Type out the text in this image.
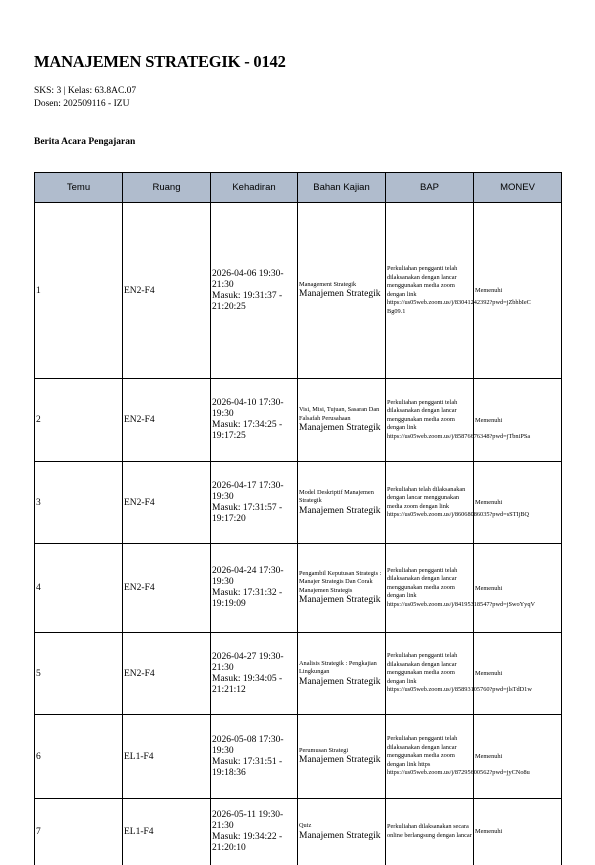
MANAJEMEN STRATEGIK - 0142
SKS: 3 | Kelas: 63.8AC.07
Dosen: 202509116 - IZU
Berita Acara Pengajaran
Temu	Ruang	Kehadiran	Bahan Kajian	BAP	MONEV

1	EN2-F4	2026-04-06 19:30-
21:30
Masuk: 19:31:37 -
21:20:25	Management Strategik
Manajemen Strategik	Perkuliahan pengganti telah dilaksanakan dengan lancar menggunakan media zoom dengan link
https://us05web.zoom.us/j/83041242392?pwd=jZbhbIeC
Bg09.1	Memenuhi

2	EN2-F4	2026-04-10 17:30-
19:30
Masuk: 17:34:25 -
19:17:25	Visi, Misi, Tujuan, Sasaran Dan Falsafah Perusahaan
Manajemen Strategik	Perkuliahan pengganti telah dilaksanakan dengan lancar menggunakan media zoom dengan link
https://us05web.zoom.us/j/85876676348?pwd=jTbniPSa	Memenuhi

3	EN2-F4	2026-04-17 17:30-
19:30
Masuk: 17:31:57 -
19:17:20	Model Deskriptif Manajemen Strategik
Manajemen Strategik	Perkuliahan telah dilaksanakan dengan lancar menggunakan media zoom dengan link
https://us05web.zoom.us/j/86068086035?pwd=sSTIjBQ	Memenuhi

4	EN2-F4	2026-04-24 17:30-
19:30
Masuk: 17:31:32 -
19:19:09	Pengambil Keputusan Strategis : Manajer Strategis Dan Corak Manajemen Strategis
Manajemen Strategik	Perkuliahan pengganti telah dilaksanakan dengan lancar menggunakan media zoom dengan link
https://us05web.zoom.us/j/84195318547?pwd=jSwoYyqV	Memenuhi

5	EN2-F4	2026-04-27 19:30-
21:30
Masuk: 19:34:05 -
21:21:12	Analisis Strategik : Pengkajian Lingkungan
Manajemen Strategik	Perkuliahan pengganti telah dilaksanakan dengan lancar menggunakan media zoom dengan link
https://us05web.zoom.us/j/85893105760?pwd=jlsTdD1w	Memenuhi

6	EL1-F4	2026-05-08 17:30-
19:30
Masuk: 17:31:51 -
19:18:36	Perumusan Strategi
Manajemen Strategik	Perkuliahan pengganti telah dilaksanakan dengan lancar menggunakan media zoom dengan link https
https://us05web.zoom.us/j/87295600562?pwd=jyCNo8u	Memenuhi

7	EL1-F4	2026-05-11 19:30-
21:30
Masuk: 19:34:22 -
21:20:10	Quiz
Manajemen Strategik	Perkuliahan dilaksanakan secara online berlangsung dengan lancar	Memenuhi
